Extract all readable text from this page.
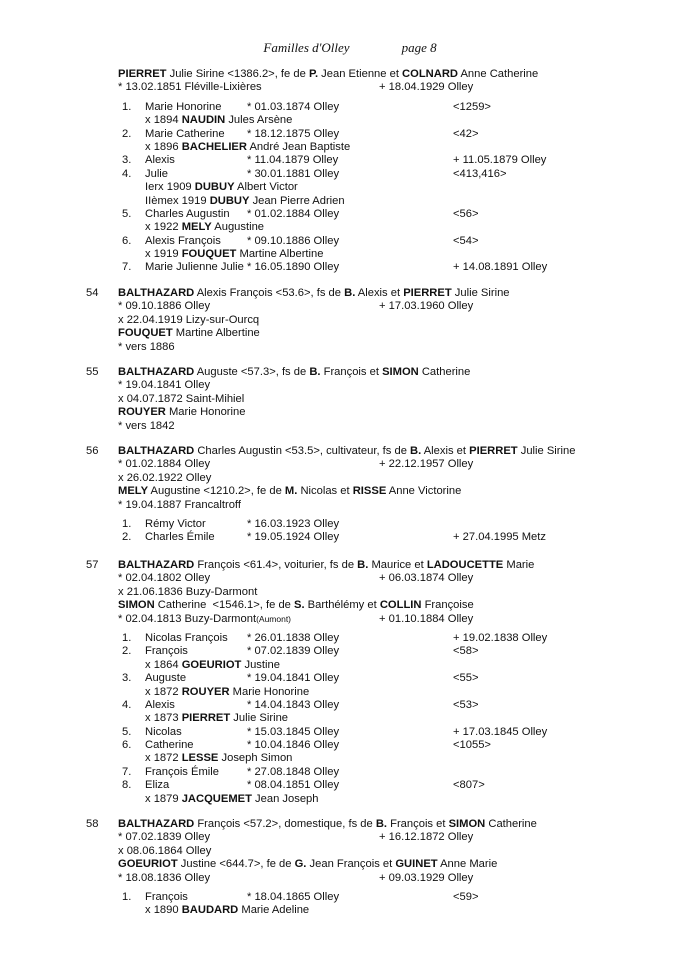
Familles d'Olley	page 8
PIERRET Julie Sirine <1386.2>, fe de P. Jean Etienne et COLNARD Anne Catherine
* 13.02.1851 Fléville-Lixières	+ 18.04.1929 Olley
1. Marie Honorine * 01.03.1874 Olley	<1259>
x 1894 NAUDIN Jules Arsène
2. Marie Catherine * 18.12.1875 Olley	<42>
x 1896 BACHELIER André Jean Baptiste
3. Alexis	* 11.04.1879 Olley	+ 11.05.1879 Olley
4. Julie	* 30.01.1881 Olley	<413,416>
Ierx 1909 DUBUY Albert Victor
IIèmex 1919 DUBUY Jean Pierre Adrien
5. Charles Augustin * 01.02.1884 Olley	<56>
x 1922 MELY Augustine
6. Alexis François * 09.10.1886 Olley	<54>
x 1919 FOUQUET Martine Albertine
7. Marie Julienne Julie * 16.05.1890 Olley	+ 14.08.1891 Olley
54 BALTHAZARD Alexis François <53.6>, fs de B. Alexis et PIERRET Julie Sirine
* 09.10.1886 Olley	+ 17.03.1960 Olley
x 22.04.1919 Lizy-sur-Ourcq
FOUQUET Martine Albertine
* vers 1886
55 BALTHAZARD Auguste <57.3>, fs de B. François et SIMON Catherine
* 19.04.1841 Olley
x 04.07.1872 Saint-Mihiel
ROUYER Marie Honorine
* vers 1842
56 BALTHAZARD Charles Augustin <53.5>, cultivateur, fs de B. Alexis et PIERRET Julie Sirine
* 01.02.1884 Olley	+ 22.12.1957 Olley
x 26.02.1922 Olley
MELY Augustine <1210.2>, fe de M. Nicolas et RISSE Anne Victorine
* 19.04.1887 Francaltroff
1. Rémy Victor	* 16.03.1923 Olley
2. Charles Émile	* 19.05.1924 Olley	+ 27.04.1995 Metz
57 BALTHAZARD François <61.4>, voiturier, fs de B. Maurice et LADOUCETTE Marie
* 02.04.1802 Olley	+ 06.03.1874 Olley
x 21.06.1836 Buzy-Darmont
SIMON Catherine  <1546.1>, fe de S. Barthélémy et COLLIN Françoise
* 02.04.1813 Buzy-Darmont (Aumont)	+ 01.10.1884 Olley
1. Nicolas François * 26.01.1838 Olley	+ 19.02.1838 Olley
2. François	* 07.02.1839 Olley	<58>
x 1864 GOEURIOT Justine
3. Auguste	* 19.04.1841 Olley	<55>
x 1872 ROUYER Marie Honorine
4. Alexis	* 14.04.1843 Olley	<53>
x 1873 PIERRET Julie Sirine
5. Nicolas	* 15.03.1845 Olley	+ 17.03.1845 Olley
6. Catherine	* 10.04.1846 Olley	<1055>
x 1872 LESSE Joseph Simon
7. François Émile	* 27.08.1848 Olley
8. Eliza	* 08.04.1851 Olley	<807>
x 1879 JACQUEMET Jean Joseph
58 BALTHAZARD François <57.2>, domestique, fs de B. François et SIMON Catherine
* 07.02.1839 Olley	+ 16.12.1872 Olley
x 08.06.1864 Olley
GOEURIOT Justine <644.7>, fe de G. Jean François et GUINET Anne Marie
* 18.08.1836 Olley	+ 09.03.1929 Olley
1. François	* 18.04.1865 Olley	<59>
x 1890 BAUDARD Marie Adeline
